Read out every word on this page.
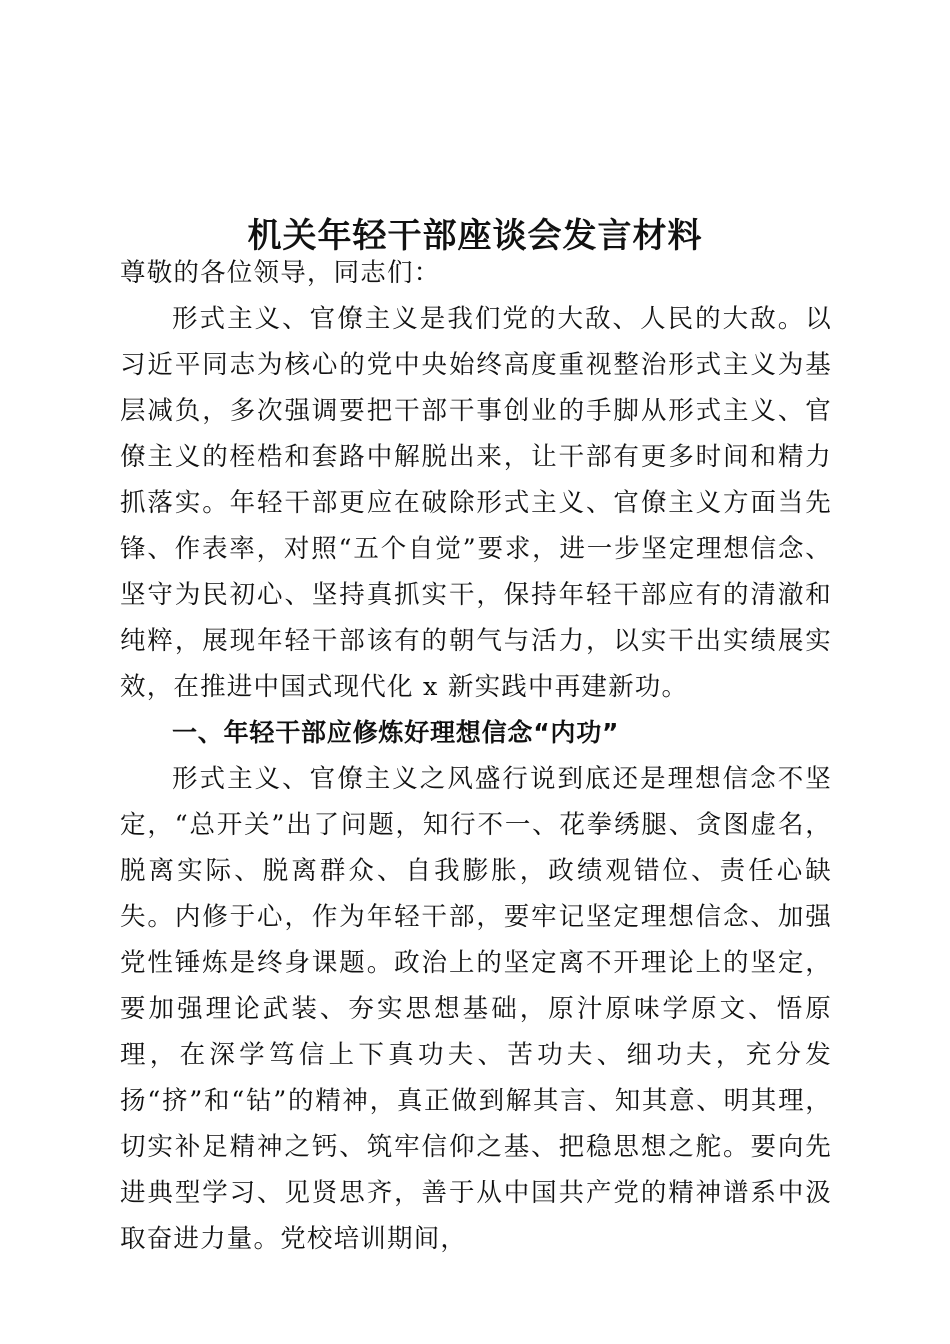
机关年轻干部座谈会发言材料

尊敬的各位领导，同志们：

形式主义、官僚主义是我们党的大敌、人民的大敌。以习近平同志为核心的党中央始终高度重视整治形式主义为基层减负，多次强调要把干部干事创业的手脚从形式主义、官僚主义的桎梏和套路中解脱出来，让干部有更多时间和精力抓落实。年轻干部更应在破除形式主义、官僚主义方面当先锋、作表率，对照“五个自觉”要求，进一步坚定理想信念、坚守为民初心、坚持真抓实干，保持年轻干部应有的清澈和纯粹，展现年轻干部该有的朝气与活力，以实干出实绩展实效，在推进中国式现代化 x 新实践中再建新功。

一、年轻干部应修炼好理想信念“内功”

形式主义、官僚主义之风盛行说到底还是理想信念不坚定，“总开关”出了问题，知行不一、花拳绣腿、贪图虚名，脱离实际、脱离群众、自我膨胀，政绩观错位、责任心缺失。内修于心，作为年轻干部，要牢记坚定理想信念、加强党性锤炼是终身课题。政治上的坚定离不开理论上的坚定，要加强理论武装、夯实思想基础，原汁原味学原文、悟原理，在深学笃信上下真功夫、苦功夫、细功夫，充分发扬“挤”和“钻”的精神，真正做到解其言、知其意、明其理，切实补足精神之钙、筑牢信仰之基、把稳思想之舵。要向先进典型学习、见贤思齐，善于从中国共产党的精神谱系中汲取奋进力量。党校培训期间，
